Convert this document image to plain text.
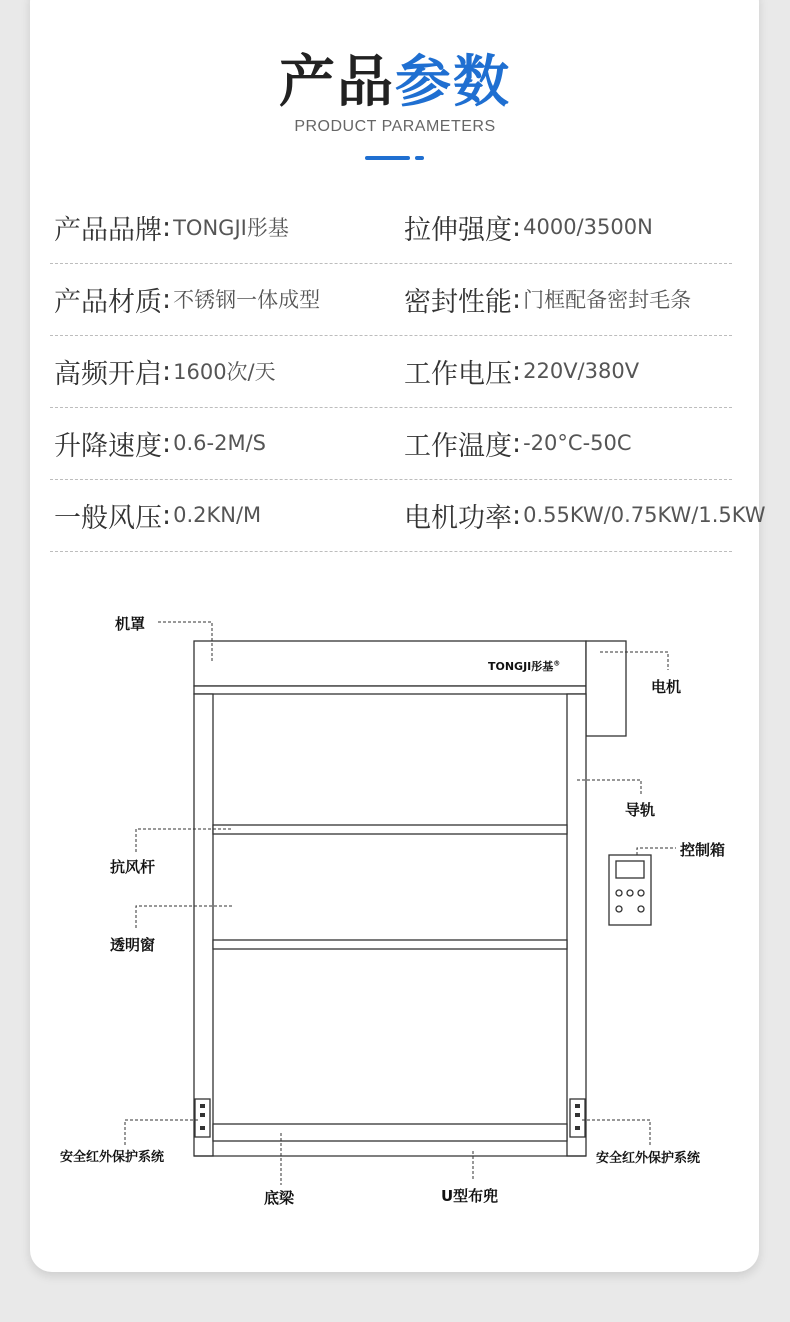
产品参数
PRODUCT PARAMETERS
产品品牌 : TONGJI彤基	拉伸强度 : 4000/3500N
产品材质 : 不锈钢一体成型	密封性能 : 门框配备密封毛条
高频开启 : 1600次/天	工作电压 : 220V/380V
升降速度 : 0.6-2M/S	工作温度 : -20°C-50C
一般风压 : 0.2KN/M	电机功率 : 0.55KW/0.75KW/1.5KW
TONGJI彤基®
机罩
电机
导轨
控制箱
抗风杆
透明窗
安全红外保护系统	安全红外保护系统
底梁	U型布兜
